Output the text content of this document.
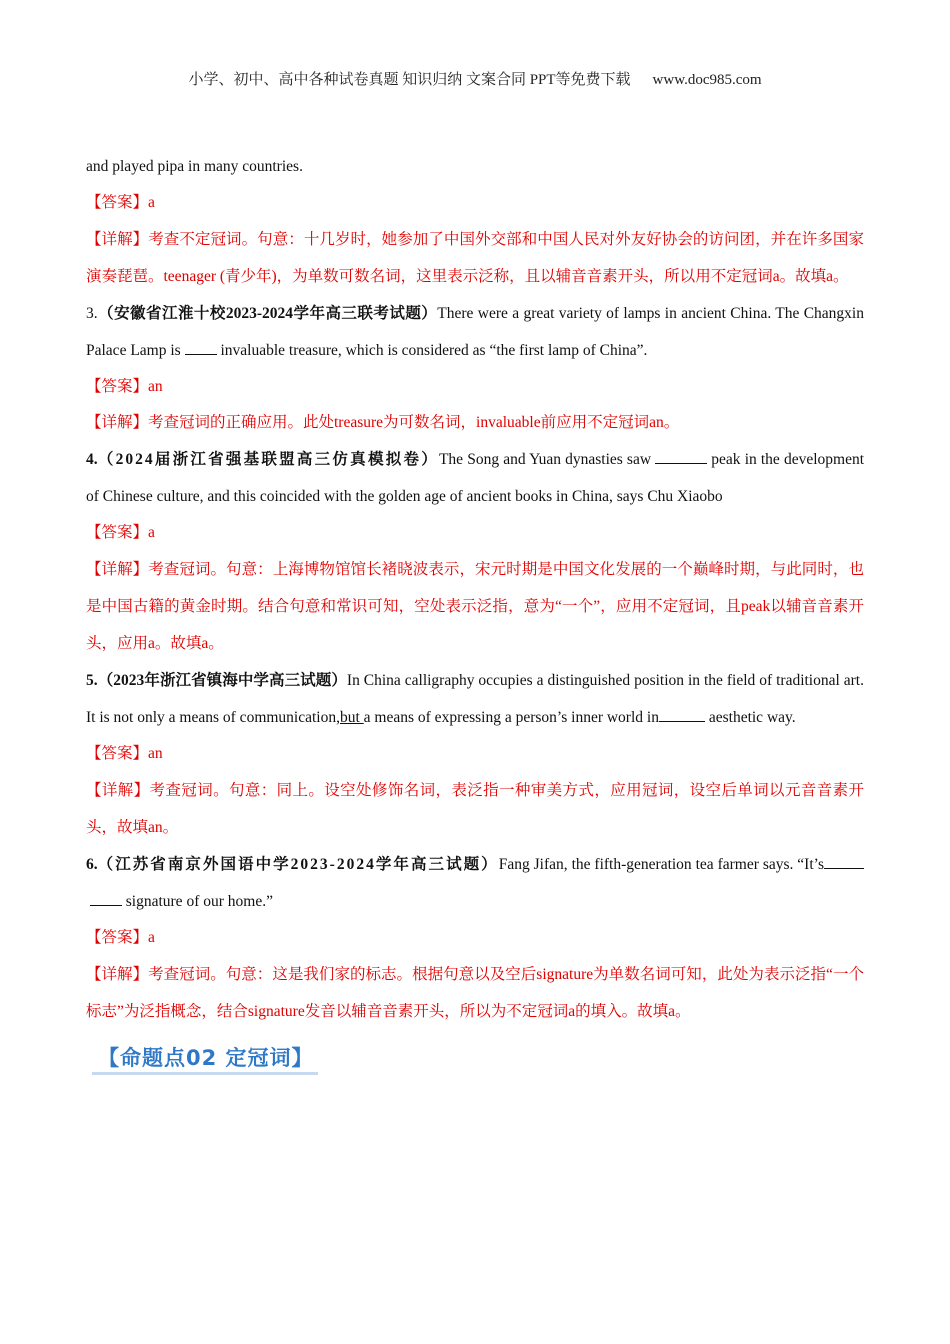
小学、初中、高中各种试卷真题 知识归纳 文案合同 PPT等免费下载 www.doc985.com
and played pipa in many countries.
【答案】a
【详解】考查不定冠词。句意：十几岁时，她参加了中国外交部和中国人民对外友好协会的访问团，并在许多国家演奏琵琶。teenager (青少年)，为单数可数名词，这里表示泛称，且以辅音音素开头，所以用不定冠词a。故填a。
3.（安徽省江淮十校2023-2024学年高三联考试题）There were a great variety of lamps in ancient China. The Changxin Palace Lamp is  invaluable treasure, which is considered as “the first lamp of China”.
【答案】an
【详解】考查冠词的正确应用。此处treasure为可数名词，invaluable前应用不定冠词an。
4.（2024届浙江省强基联盟高三仿真模拟卷）The Song and Yuan dynasties saw	peak in the development of Chinese culture, and this coincided with the golden age of ancient books in China, says Chu Xiaobo
【答案】a
【详解】考查冠词。句意：上海博物馆馆长褚晓波表示，宋元时期是中国文化发展的一个巅峰时期，与此同时，也是中国古籍的黄金时期。结合句意和常识可知，空处表示泛指，意为“一个”，应用不定冠词，且peak以辅音音素开头，应用a。故填a。
5.（2023年浙江省镇海中学高三试题）In China calligraphy occupies a distinguished position in the field of traditional art. It is not only a means of communication,but a means of expressing a person’s inner world in	aesthetic way.
【答案】an
【详解】考查冠词。句意：同上。设空处修饰名词，表泛指一种审美方式，应用冠词，设空后单词以元音音素开头，故填an。
6.（江苏省南京外国语中学2023-2024学年高三试题）Fang Jifan, the fifth-generation tea farmer says. “It’s  signature of our home.”
【答案】a
【详解】考查冠词。句意：这是我们家的标志。根据句意以及空后signature为单数名词可知，此处为表示泛指“一个标志”为泛指概念，结合signature发音以辅音音素开头，所以为不定冠词a的填入。故填a。
【命题点02 定冠词】
